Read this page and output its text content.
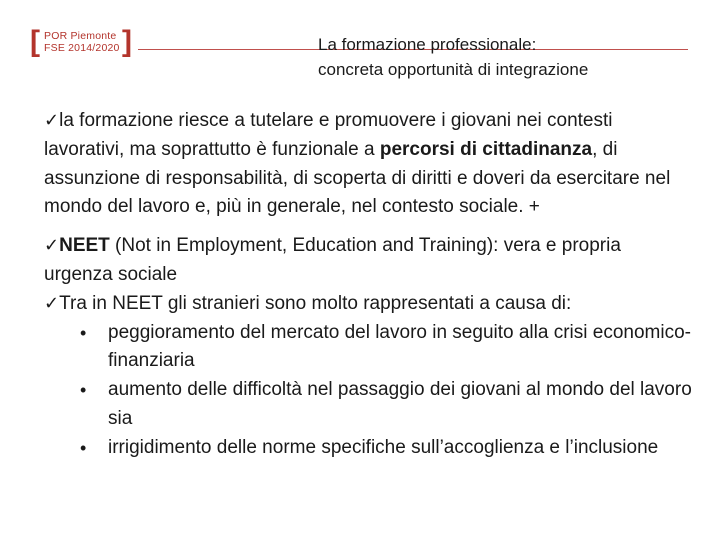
[ POR Piemonte
FSE 2014/2020 ]	La formazione professionale:
concreta opportunità di integrazione

✓la formazione riesce a tutelare e promuovere i giovani nei contesti lavorativi, ma soprattutto è funzionale a percorsi di cittadinanza, di assunzione di responsabilità, di scoperta di diritti e doveri da esercitare nel mondo del lavoro e, più in generale, nel contesto sociale. +

✓NEET (Not in Employment, Education and Training): vera e propria urgenza sociale

✓Tra in NEET gli stranieri sono molto rappresentati a causa di:

• peggioramento del mercato del lavoro in seguito alla crisi economico-finanziaria
• aumento delle difficoltà nel passaggio dei giovani al mondo del lavoro sia
• irrigidimento delle norme specifiche sull’accoglienza e l’inclusione
